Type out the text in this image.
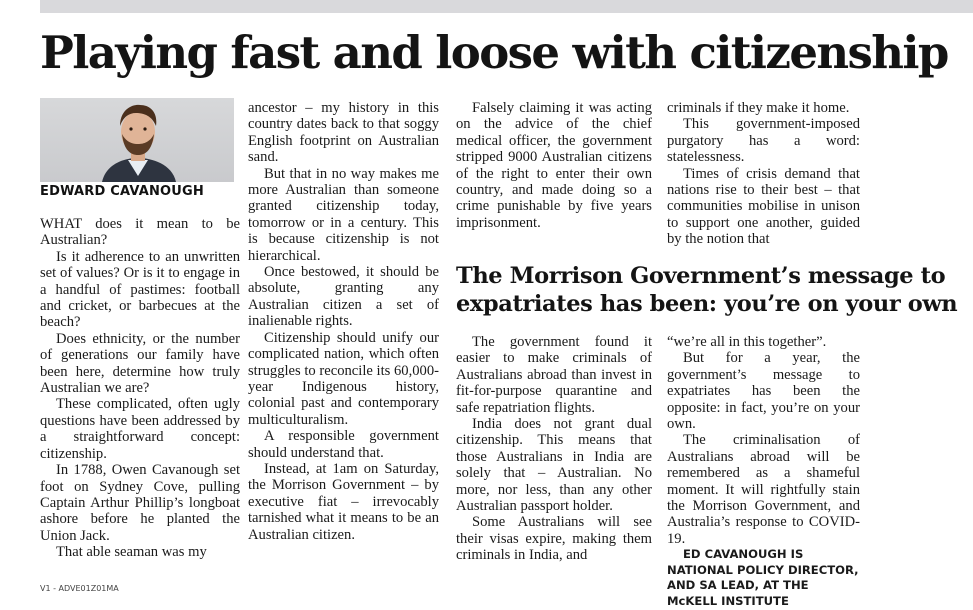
Playing fast and loose with citizenship
EDWARD CAVANOUGH

WHAT does it mean to be Australian?

Is it adherence to an unwritten set of values? Or is it to engage in a handful of pastimes: football and cricket, or barbecues at the beach?

Does ethnicity, or the number of generations our family have been here, determine how truly Australian we are?

These complicated, often ugly questions have been addressed by a straightforward concept: citizenship.

In 1788, Owen Cavanough set foot on Sydney Cove, pulling Captain Arthur Phillip’s longboat ashore before he planted the Union Jack.

That able seaman was my

ancestor – my history in this country dates back to that soggy English footprint on Australian sand.

But that in no way makes me more Australian than someone granted citizenship today, tomorrow or in a century. This is because citizenship is not hierarchical.

Once bestowed, it should be absolute, granting any Australian citizen a set of inalienable rights.

Citizenship should unify our complicated nation, which often struggles to reconcile its 60,000-year Indigenous history, colonial past and contemporary multiculturalism.

A responsible government should understand that.

Instead, at 1am on Saturday, the Morrison Government – by executive fiat – irrevocably tarnished what it means to be an Australian citizen.

Falsely claiming it was acting on the advice of the chief medical officer, the government stripped 9000 Australian citizens of the right to enter their own country, and made doing so a crime punishable by five years imprisonment.

criminals if they make it home.

This government-imposed purgatory has a word: statelessness.

Times of crisis demand that nations rise to their best – that communities mobilise in unison to support one another, guided by the notion that

The Morrison Government’s message to expatriates has been: you’re on your own

The government found it easier to make criminals of Australians abroad than invest in fit-for-purpose quarantine and safe repatriation flights.

India does not grant dual citizenship. This means that those Australians in India are solely that – Australian. No more, nor less, than any other Australian passport holder.

Some Australians will see their visas expire, making them criminals in India, and

“we’re all in this together”.

But for a year, the government’s message to expatriates has been the opposite: in fact, you’re on your own.

The criminalisation of Australians abroad will be remembered as a shameful moment. It will rightfully stain the Morrison Government, and Australia’s response to COVID-19.

ED CAVANOUGH IS NATIONAL POLICY DIRECTOR, AND SA LEAD, AT THE McKELL INSTITUTE

V1 - ADVE01Z01MA
